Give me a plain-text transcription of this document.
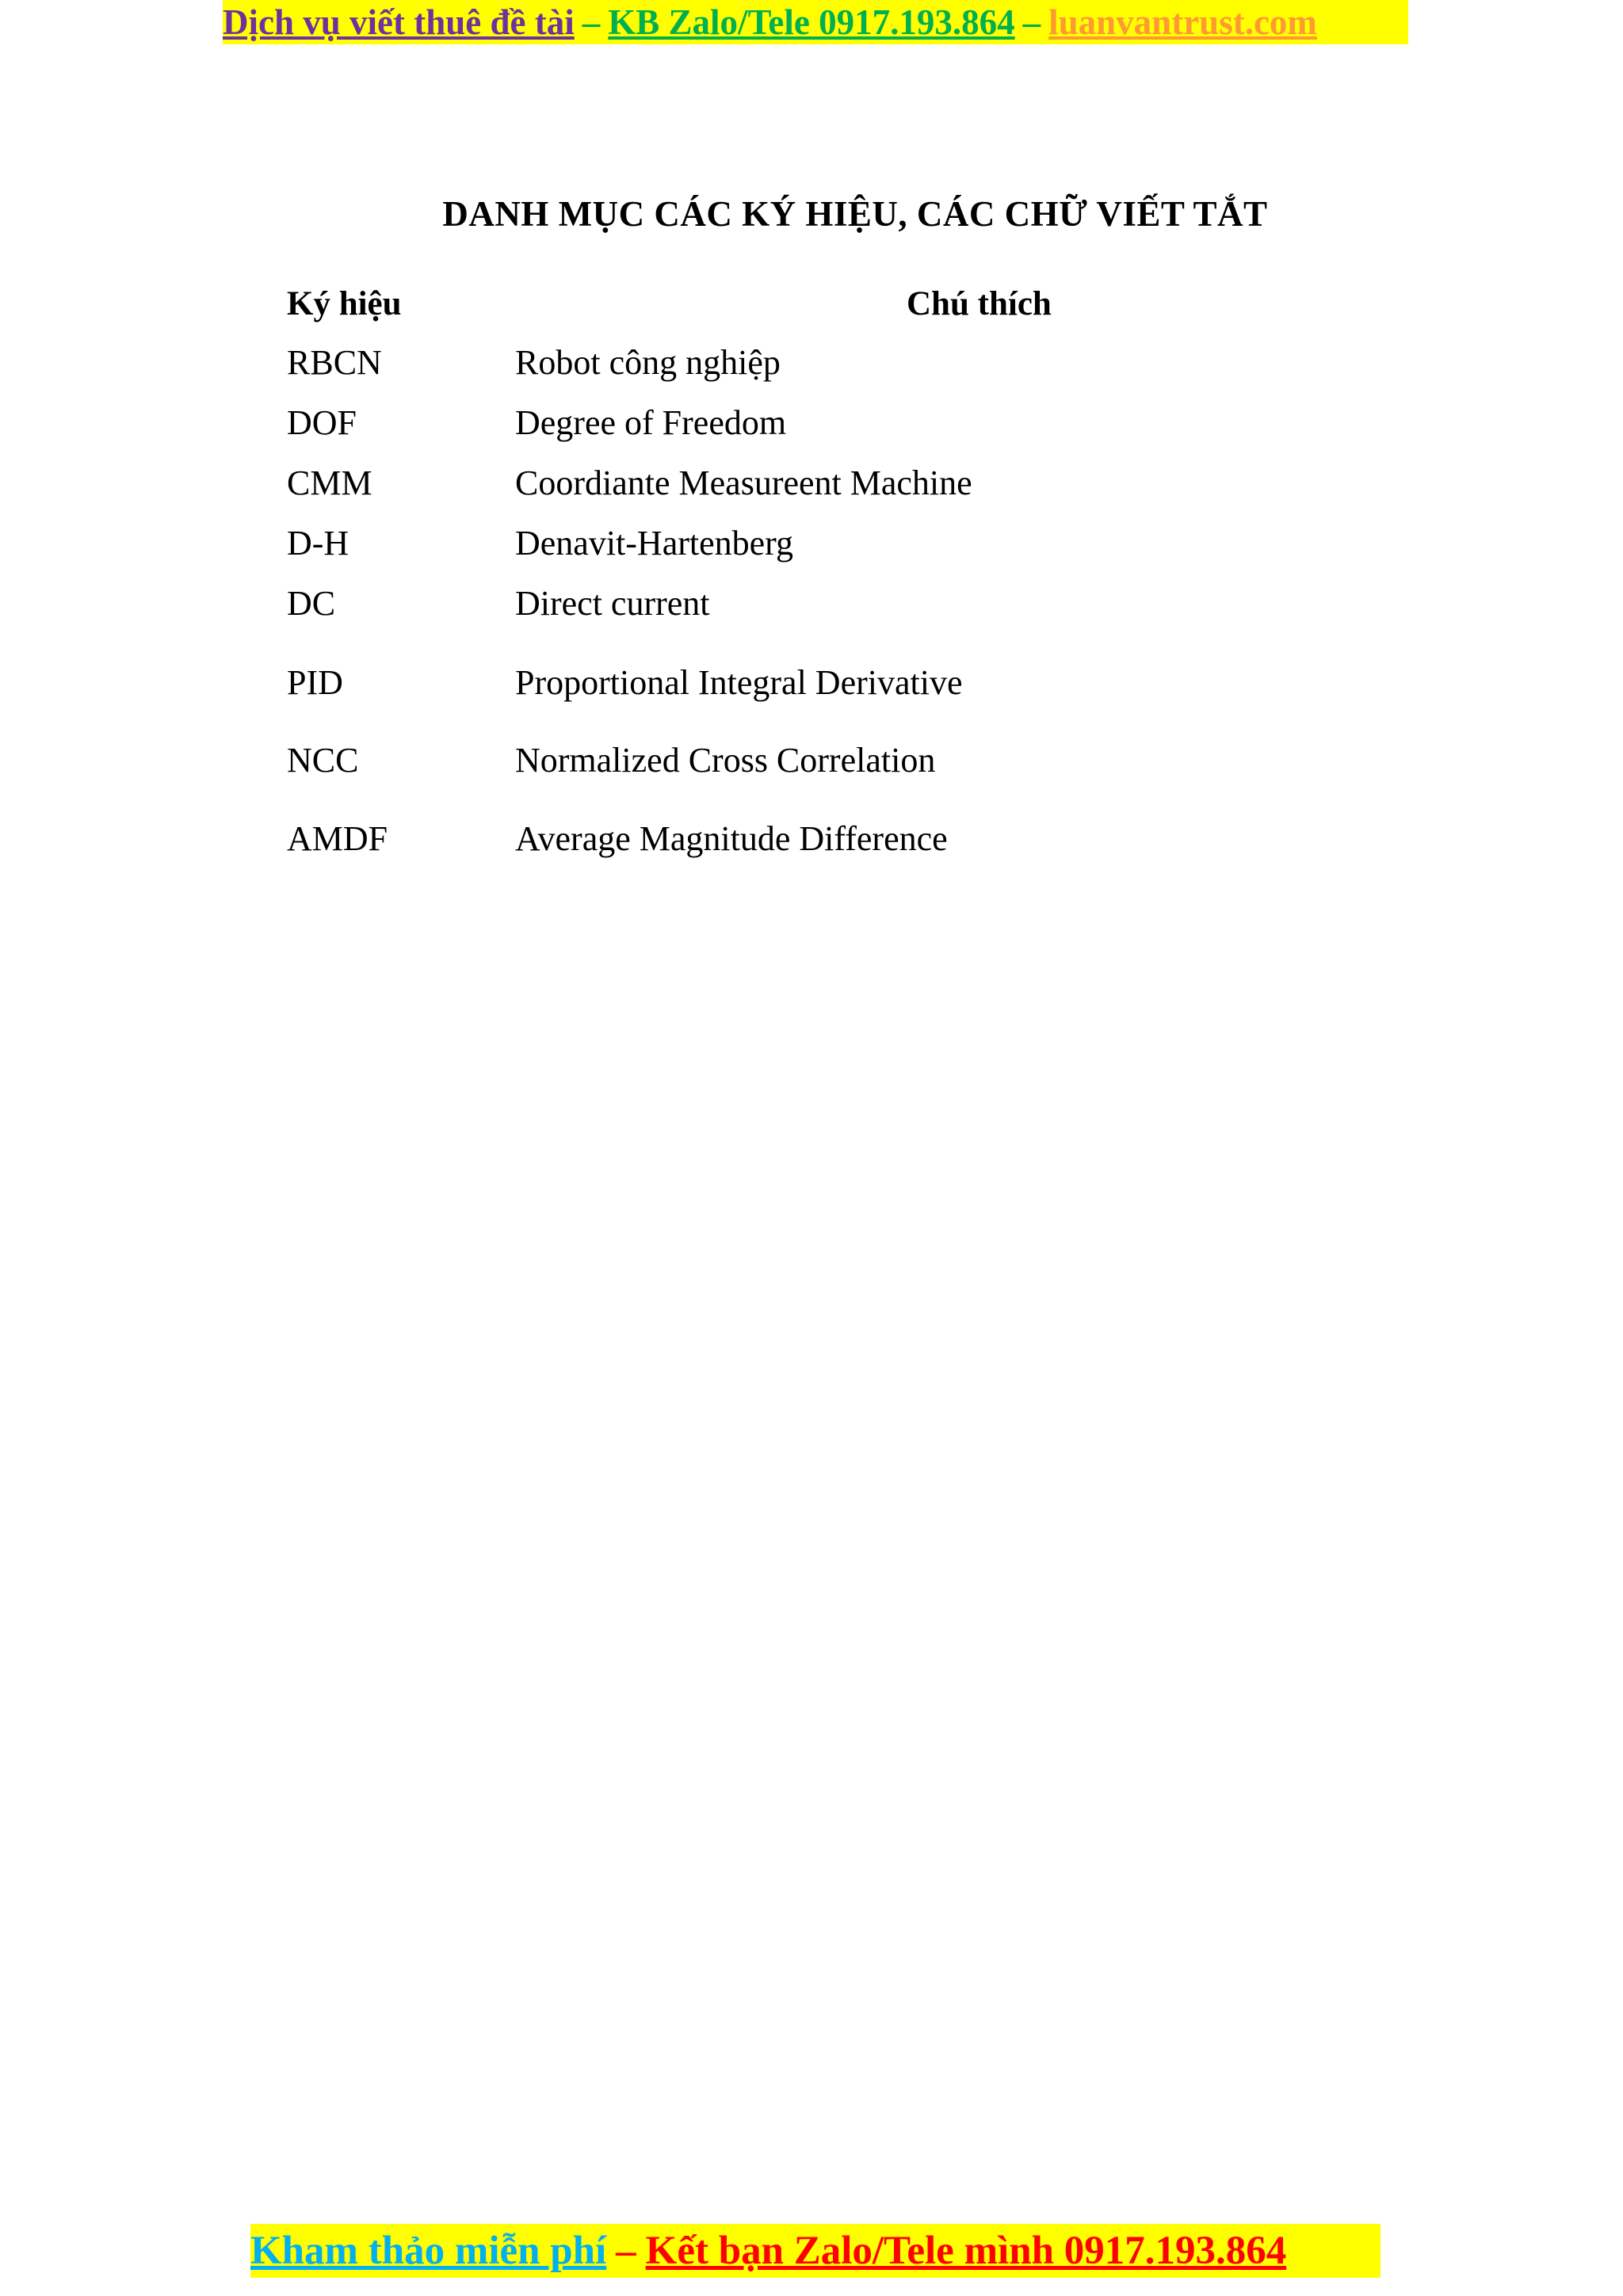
Dịch vụ viết thuê đề tài – KB Zalo/Tele 0917.193.864 – luanvantrust.com
DANH MỤC CÁC KÝ HIỆU, CÁC CHỮ VIẾT TẮT
Ký hiệu	Chú thích
RBCN	Robot công nghiệp
DOF	Degree of Freedom
CMM	Coordiante Measureent Machine
D-H	Denavit-Hartenberg
DC	Direct current
PID	Proportional Integral Derivative
NCC	Normalized Cross Correlation
AMDF	Average Magnitude Difference
Kham thảo miễn phí – Kết bạn Zalo/Tele mình 0917.193.864
